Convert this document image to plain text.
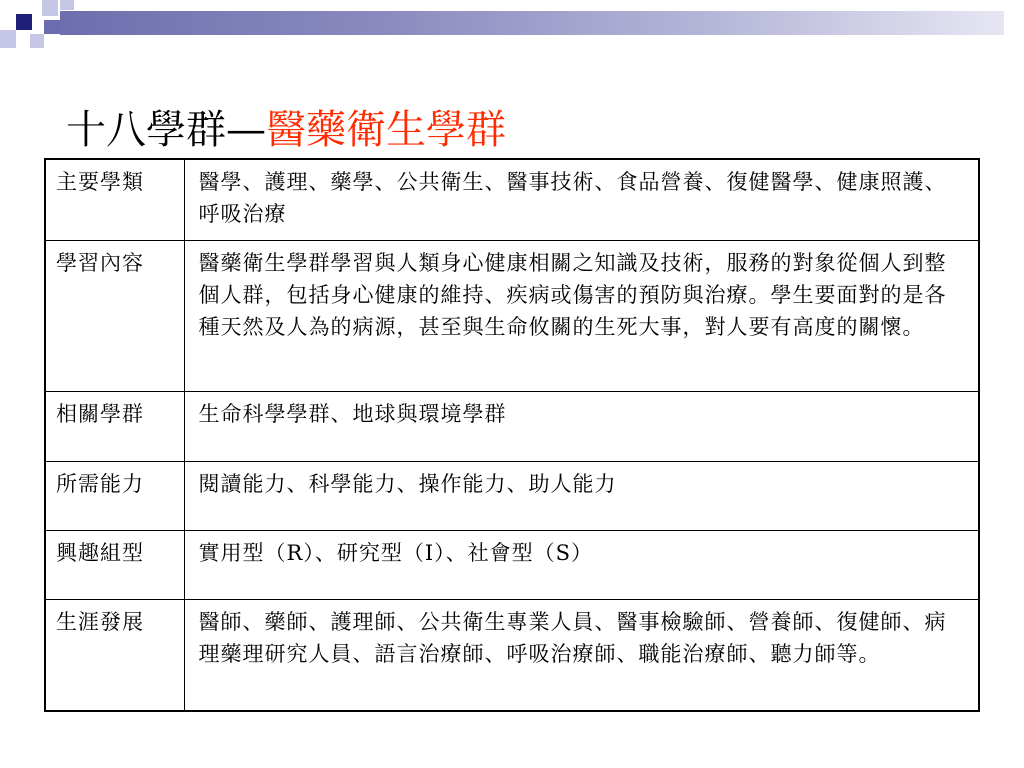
十八學群—醫藥衛生學群
主要學類	醫學、護理、藥學、公共衛生、醫事技術、食品營養、復健醫學、健康照護、呼吸治療
學習內容	醫藥衛生學群學習與人類身心健康相關之知識及技術，服務的對象從個人到整個人群，包括身心健康的維持、疾病或傷害的預防與治療。學生要面對的是各種天然及人為的病源，甚至與生命攸關的生死大事，對人要有高度的關懷。
相關學群	生命科學學群、地球與環境學群
所需能力	閱讀能力、科學能力、操作能力、助人能力
興趣組型	實用型（R）、研究型（I）、社會型（S）
生涯發展	醫師、藥師、護理師、公共衛生專業人員、醫事檢驗師、營養師、復健師、病理藥理研究人員、語言治療師、呼吸治療師、職能治療師、聽力師等。
